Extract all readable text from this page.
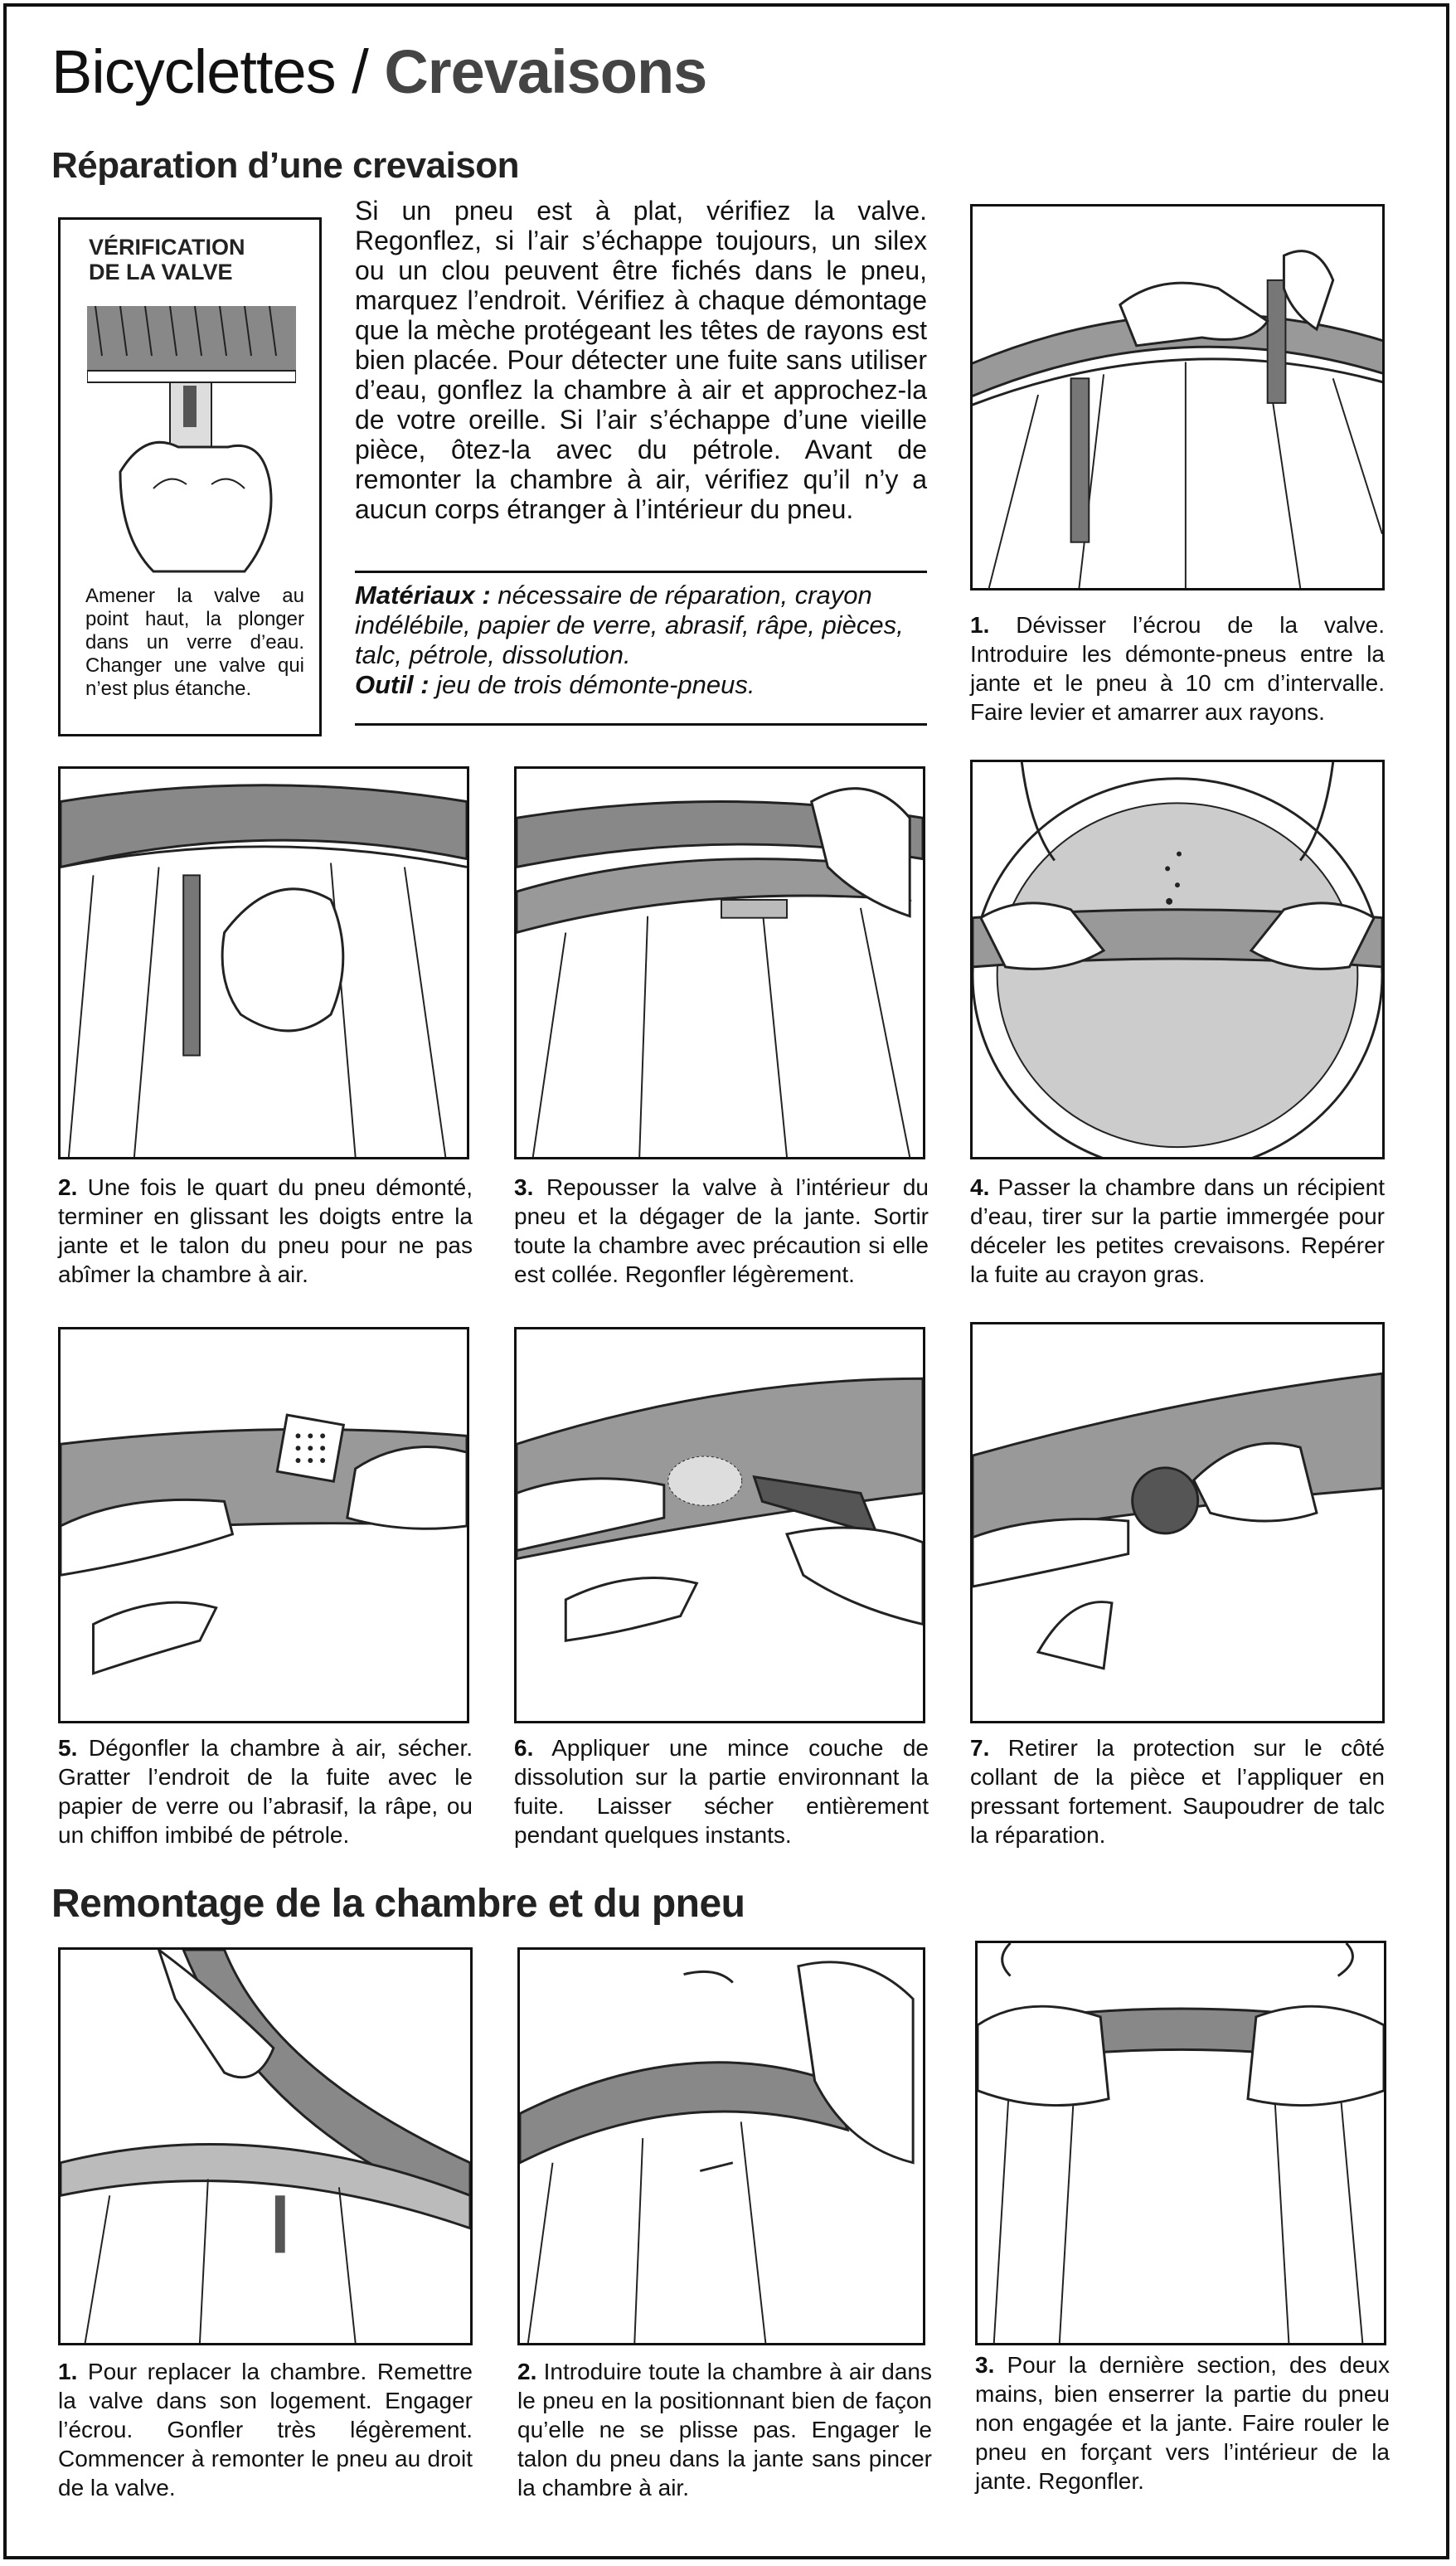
Bicyclettes / Crevaisons
Réparation d’une crevaison

VÉRIFICATION DE LA VALVE

Amener la valve au point haut, la plonger dans un verre d’eau. Changer une valve qui n’est plus étanche.

Si un pneu est à plat, vérifiez la valve. Regonflez, si l’air s’échappe toujours, un silex ou un clou peuvent être fichés dans le pneu, marquez l’endroit. Vérifiez à chaque démontage que la mèche protégeant les têtes de rayons est bien placée. Pour détecter une fuite sans utiliser d’eau, gonflez la chambre à air et approchez-la de votre oreille. Si l’air s’échappe d’une vieille pièce, ôtez-la avec du pétrole. Avant de remonter la chambre à air, vérifiez qu’il n’y a aucun corps étranger à l’intérieur du pneu.

Matériaux : nécessaire de réparation, crayon indélébile, papier de verre, abrasif, râpe, pièces, talc, pétrole, dissolution.
Outil : jeu de trois démonte-pneus.

1. Dévisser l’écrou de la valve. Introduire les démonte-pneus entre la jante et le pneu à 10 cm d’intervalle. Faire levier et amarrer aux rayons.

2. Une fois le quart du pneu démonté, terminer en glissant les doigts entre la jante et le talon du pneu pour ne pas abîmer la chambre à air.

3. Repousser la valve à l’intérieur du pneu et la dégager de la jante. Sortir toute la chambre avec précaution si elle est collée. Regonfler légèrement.

4. Passer la chambre dans un récipient d’eau, tirer sur la partie immergée pour déceler les petites crevaisons. Repérer la fuite au crayon gras.

5. Dégonfler la chambre à air, sécher. Gratter l’endroit de la fuite avec le papier de verre ou l’abrasif, la râpe, ou un chiffon imbibé de pétrole.

6. Appliquer une mince couche de dissolution sur la partie environnant la fuite. Laisser sécher entièrement pendant quelques instants.

7. Retirer la protection sur le côté collant de la pièce et l’appliquer en pressant fortement. Saupoudrer de talc la réparation.

Remontage de la chambre et du pneu

1. Pour replacer la chambre. Remettre la valve dans son logement. Engager l’écrou. Gonfler très légèrement. Commencer à remonter le pneu au droit de la valve.

2. Introduire toute la chambre à air dans le pneu en la positionnant bien de façon qu’elle ne se plisse pas. Engager le talon du pneu dans la jante sans pincer la chambre à air.

3. Pour la dernière section, des deux mains, bien enserrer la partie du pneu non engagée et la jante. Faire rouler le pneu en forçant vers l’intérieur de la jante. Regonfler.
